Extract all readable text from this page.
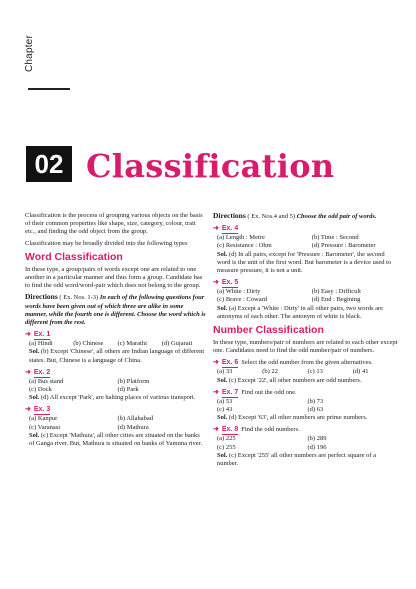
Chapter
02 Classification

Classification is the process of grouping various objects on the basis of their common properties like shape, size, category, colour, trait etc., and finding the odd object from the group.

Classification may be broadly divided into the following types

Word Classification

In these type, a group/pairs of words except one are related to one another in a particular manner and thus form a group. Candidate has to find the odd word/word-pair which does not belong to the group.

Directions ( Ex. Nos. 1-3) In each of the following questions four words have been given out of which three are alike in some manner, while the fourth one is different. Choose the word which is different from the rest.

➜ Ex. 1
(a) Hindi	(b) Chinese	(c) Marathi	(d) Gujarati

Sol. (b) Except 'Chinese', all others are Indian language of different states. But, Chinese is a language of China.

➜ Ex. 2
(a) Bus stand	(b) Platform
(c) Dock	(d) Park

Sol. (d) All except 'Park', are halting places of various transport.

➜ Ex. 3
(a) Kanpur	(b) Allahabad
(c) Varanasi	(d) Mathura

Sol. (c) Except 'Mathura', all other cities are situated on the banks of Ganga river. But, Mathura is situated on banks of Yamuna river.

Directions ( Ex. Nos.4 and 5) Choose the odd pair of words.

➜ Ex. 4
(a) Length : Metre	(b) Time : Second
(c) Resistance : Ohm	(d) Pressure : Barometer

Sol. (d) In all pairs, except for 'Pressure : Barometer', the second word is the unit of the first word. But barometer is a device used to measure pressure, it is not a unit.

➜ Ex. 5
(a) White : Dirty	(b) Easy : Difficult
(c) Brave : Coward	(d) End : Begining

Sol. (a) Except a 'White : Dirty' in all other pairs, two words are antonyms of each other. The antonym of white is black.

Number Classification

In these type, numbers/pair of numbers are related to each other except one. Candidates need to find the odd number/pair of numbers.

➜ Ex. 6 Select the odd number from the given alternatives.
(a) 33	(b) 22	(c) 13	(d) 41

Sol. (c) Except '22', all other numbers are odd numbers.

➜ Ex. 7 Find out the odd one.
(a) 53	(b) 73
(c) 43	(d) 63

Sol. (d) Except '63', all other numbers are prime numbers.

➜ Ex. 8 Find the odd numbers.
(a) 225	(b) 289
(c) 255	(d) 196

Sol. (c) Except '255' all other numbers are perfect square of a number.
